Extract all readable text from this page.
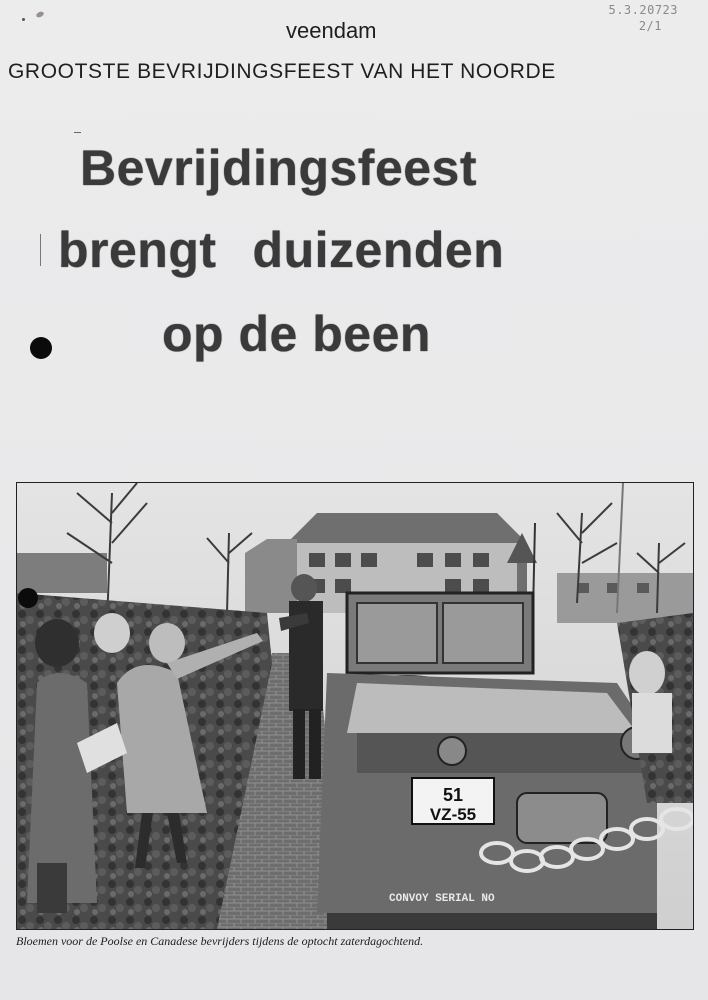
5.3.20723
2/1
veendam
GROOTSTE BEVRIJDINGSFEEST VAN HET NOORDE
Bevrijdingsfeest
brengt duizenden
op de been
51
VZ-55
CONVOY SERIAL NO
Bloemen voor de Poolse en Canadese bevrijders tijdens de optocht zaterdagochtend.
